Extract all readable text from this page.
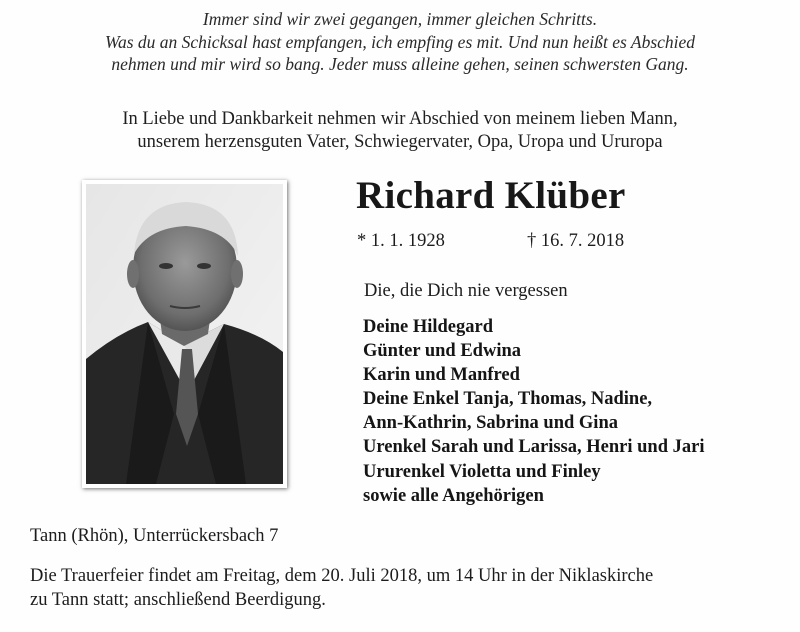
Immer sind wir zwei gegangen, immer gleichen Schritts.
Was du an Schicksal hast empfangen, ich empfing es mit. Und nun heißt es Abschied
nehmen und mir wird so bang. Jeder muss alleine gehen, seinen schwersten Gang.
In Liebe und Dankbarkeit nehmen wir Abschied von meinem lieben Mann,
unserem herzensguten Vater, Schwiegervater, Opa, Uropa und Ururopa
Richard Klüber
* 1. 1. 1928	† 16. 7. 2018
Die, die Dich nie vergessen
Deine Hildegard
Günter und Edwina
Karin und Manfred
Deine Enkel Tanja, Thomas, Nadine,
Ann-Kathrin, Sabrina und Gina
Urenkel Sarah und Larissa, Henri und Jari
Ururenkel Violetta und Finley
sowie alle Angehörigen
Tann (Rhön), Unterrückersbach 7
Die Trauerfeier findet am Freitag, dem 20. Juli 2018, um 14 Uhr in der Niklaskirche
zu Tann statt; anschließend Beerdigung.
